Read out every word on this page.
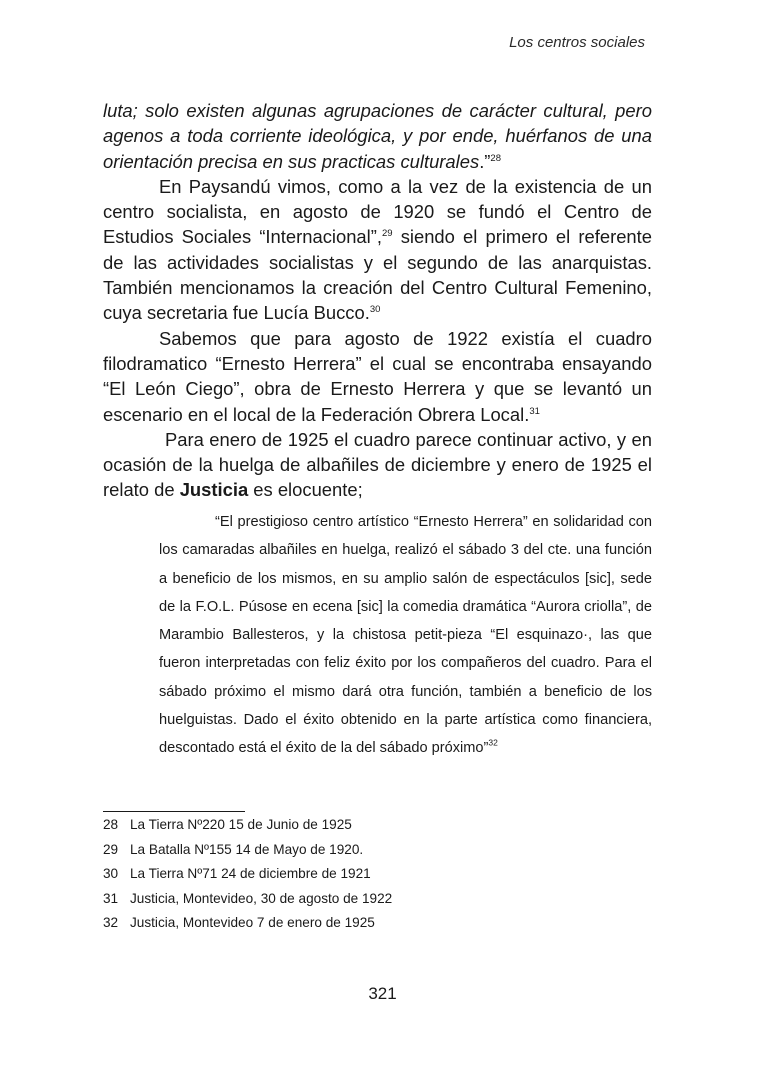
Los centros sociales

luta; solo existen algunas agrupaciones de carácter cultural, pero agenos a toda corriente ideológica, y por ende, huérfanos de una orientación precisa en sus practicas culturales.”$^{28}$

En Paysandú vimos, como a la vez de la existencia de un centro socialista, en agosto de 1920 se fundó el Centro de Estudios Sociales “Internacional”,$^{29}$ siendo el primero el referente de las actividades socialistas y el segundo de las anarquistas. También mencionamos la creación del Centro Cultural Femenino, cuya secretaria fue Lucía Bucco.$^{30}$

Sabemos que para agosto de 1922 existía el cuadro filodramatico “Ernesto Herrera” el cual se encontraba ensayando “El León Ciego”, obra de Ernesto Herrera y que se levantó un escenario en el local de la Federación Obrera Local.$^{31}$

Para enero de 1925 el cuadro parece continuar activo, y en ocasión de la huelga de albañiles de diciembre y enero de 1925 el relato de Justicia es elocuente;

“El prestigioso centro artístico “Ernesto Herrera” en solidaridad con los camaradas albañiles en huelga, realizó el sábado 3 del cte. una función a beneficio de los mismos, en su amplio salón de espectáculos [sic], sede de la F.O.L. Púsose en ecena [sic] la comedia dramática “Aurora criolla”, de Marambio Ballesteros, y la chistosa petit-pieza “El esquinazo·, las que fueron interpretadas con feliz éxito por los compañeros del cuadro. Para el sábado próximo el mismo dará otra función, también a beneficio de los huelguistas. Dado el éxito obtenido en la parte artística como financiera, descontado está el éxito de la del sábado próximo”$^{32}$

28 La Tierra Nº220 15 de Junio de 1925
29 La Batalla Nº155 14 de Mayo de 1920.
30 La Tierra Nº71 24 de diciembre de 1921
31 Justicia, Montevideo, 30 de agosto de 1922
32 Justicia, Montevideo 7 de enero de 1925
321
